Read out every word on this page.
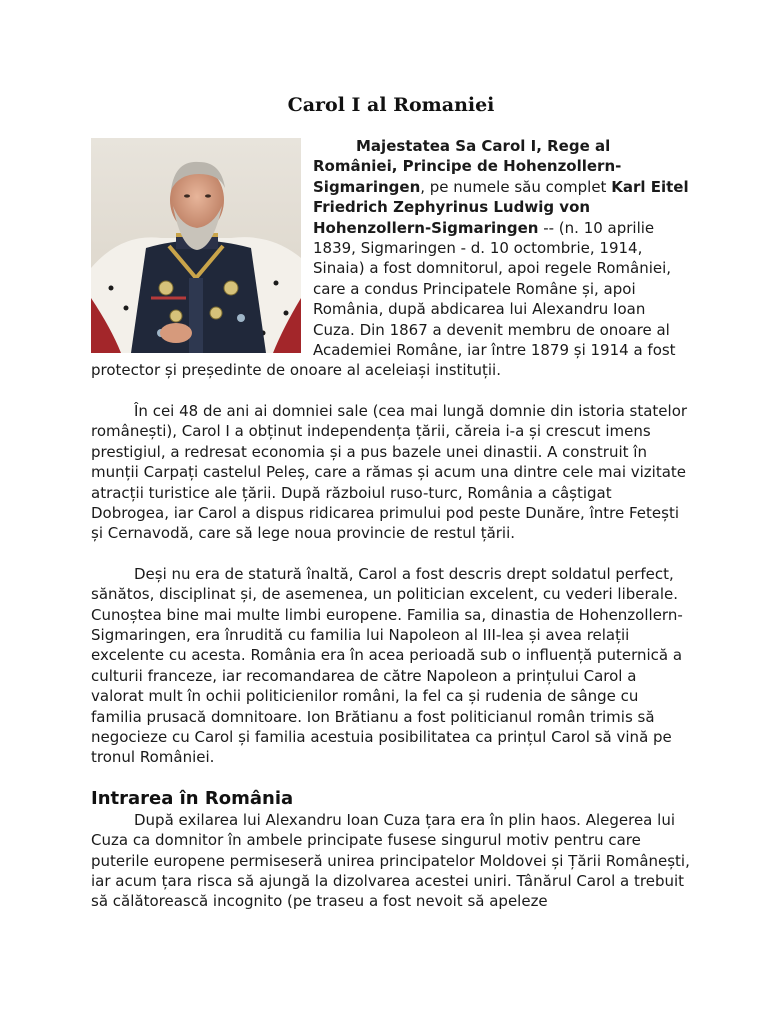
Carol I al Romaniei

Majestatea Sa Carol I, Rege al României, Principe de Hohenzollern-Sigmaringen, pe numele său complet Karl Eitel Friedrich Zephyrinus Ludwig von Hohenzollern-Sigmaringen -- (n. 10 aprilie 1839, Sigmaringen - d. 10 octombrie, 1914, Sinaia) a fost domnitorul, apoi regele României, care a condus Principatele Române și, apoi România, după abdicarea lui Alexandru Ioan Cuza. Din 1867 a devenit membru de onoare al Academiei Române, iar între 1879 și 1914 a fost protector și președinte de onoare al aceleiași instituții.

În cei 48 de ani ai domniei sale (cea mai lungă domnie din istoria statelor românești), Carol I a obținut independența țării, căreia i-a și crescut imens prestigiul, a redresat economia și a pus bazele unei dinastii. A construit în munții Carpați castelul Peleș, care a rămas și acum una dintre cele mai vizitate atracții turistice ale țării. După războiul ruso-turc, România a câștigat Dobrogea, iar Carol a dispus ridicarea primului pod peste Dunăre, între Fetești și Cernavodă, care să lege noua provincie de restul țării.

Deși nu era de statură înaltă, Carol a fost descris drept soldatul perfect, sănătos, disciplinat și, de asemenea, un politician excelent, cu vederi liberale. Cunoștea bine mai multe limbi europene. Familia sa, dinastia de Hohenzollern-Sigmaringen, era înrudită cu familia lui Napoleon al III-lea și avea relații excelente cu acesta. România era în acea perioadă sub o influență puternică a culturii franceze, iar recomandarea de către Napoleon a prințului Carol a valorat mult în ochii politicienilor români, la fel ca și rudenia de sânge cu familia prusacă domnitoare. Ion Brătianu a fost politicianul român trimis să negocieze cu Carol și familia acestuia posibilitatea ca prințul Carol să vină pe tronul României.

Intrarea în România

După exilarea lui Alexandru Ioan Cuza țara era în plin haos. Alegerea lui Cuza ca domnitor în ambele principate fusese singurul motiv pentru care puterile europene permiseseră unirea principatelor Moldovei și Țării Românești, iar acum țara risca să ajungă la dizolvarea acestei uniri. Tânărul Carol a trebuit să călătorească incognito (pe traseu a fost nevoit să apeleze
